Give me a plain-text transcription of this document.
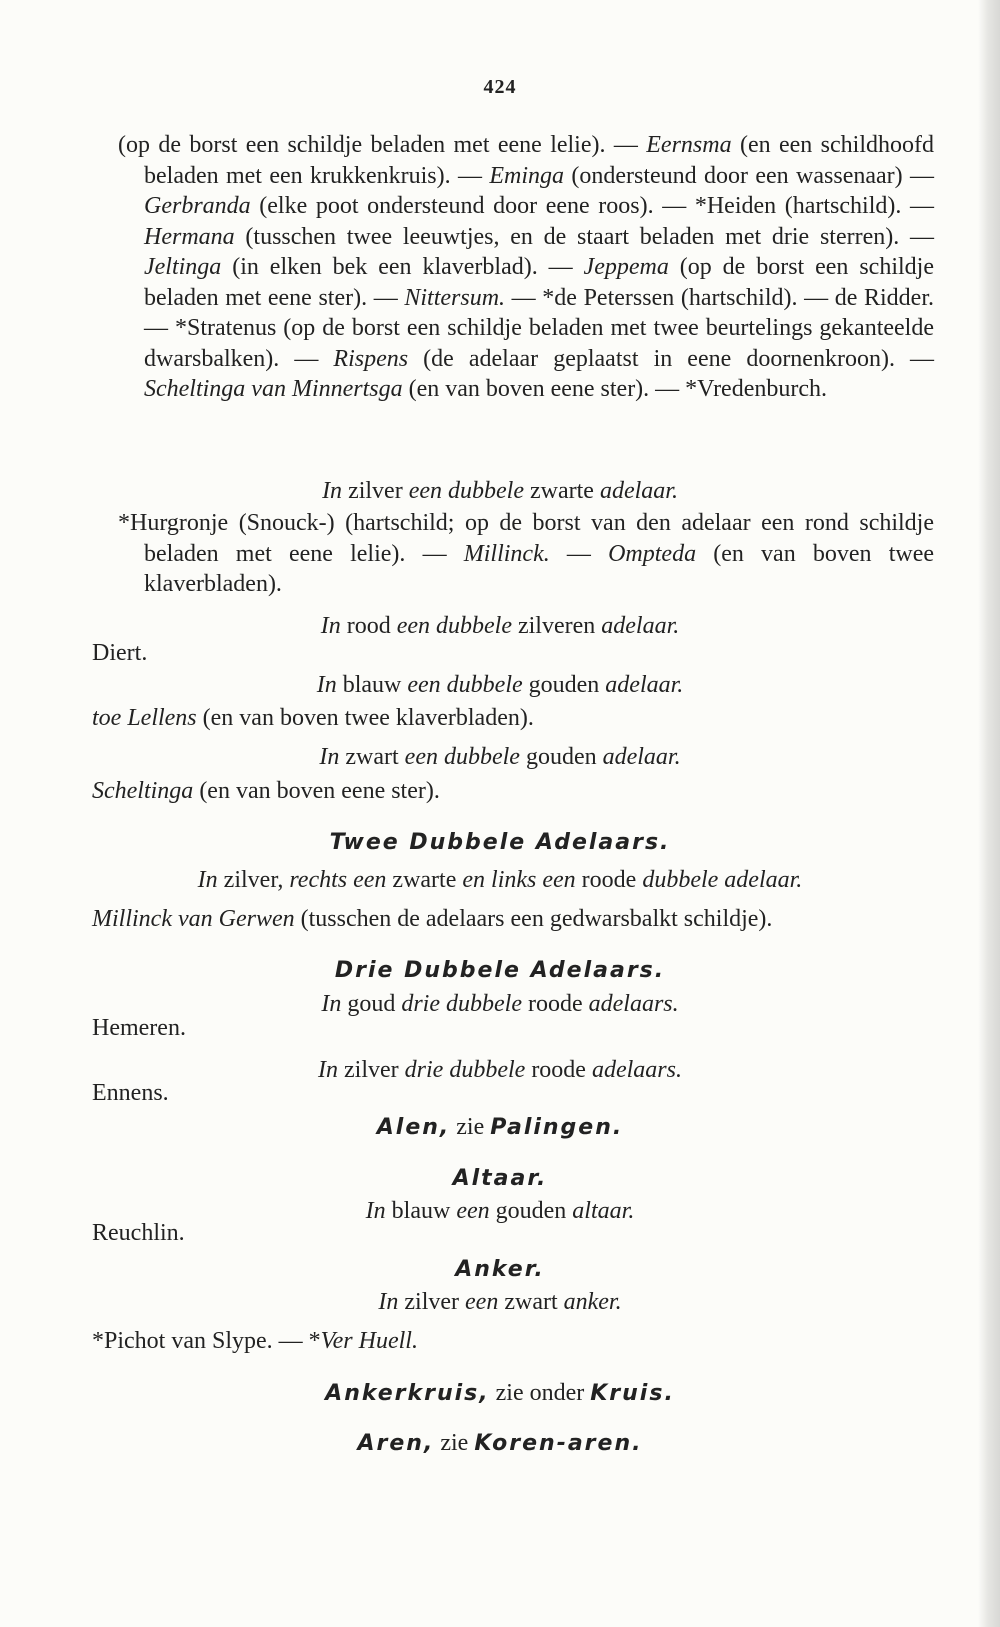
424
(op de borst een schildje beladen met eene lelie). — Eernsma (en een schildhoofd beladen met een krukkenkruis). — Eminga (ondersteund door een wassenaar) — Gerbranda (elke poot ondersteund door eene roos). — *Heiden (hartschild). — Hermana (tusschen twee leeuwtjes, en de staart beladen met drie sterren). — Jeltinga (in elken bek een klaverblad). — Jeppema (op de borst een schildje beladen met eene ster). — Nittersum. — *de Peterssen (hartschild). — de Ridder. — *Stratenus (op de borst een schildje beladen met twee beurtelings gekanteelde dwarsbalken). — Rispens (de adelaar geplaatst in eene doornenkroon). — Scheltinga van Minnertsga (en van boven eene ster). — *Vredenburch.
In zilver een dubbele zwarte adelaar.
*Hurgronje (Snouck-) (hartschild; op de borst van den adelaar een rond schildje beladen met eene lelie). — Millinck. — Ompteda (en van boven twee klaverbladen).
In rood een dubbele zilveren adelaar.
Diert.
In blauw een dubbele gouden adelaar.
toe Lellens (en van boven twee klaverbladen).
In zwart een dubbele gouden adelaar.
Scheltinga (en van boven eene ster).
Twee Dubbele Adelaars.
In zilver, rechts een zwarte en links een roode dubbele adelaar.
Millinck van Gerwen (tusschen de adelaars een gedwarsbalkt schildje).
Drie Dubbele Adelaars.
In goud drie dubbele roode adelaars.
Hemeren.
In zilver drie dubbele roode adelaars.
Ennens.
Alen, zie Palingen.
Altaar.
In blauw een gouden altaar.
Reuchlin.
Anker.
In zilver een zwart anker.
*Pichot van Slype. — *Ver Huell.
Ankerkruis, zie onder Kruis.
Aren, zie Koren-aren.
